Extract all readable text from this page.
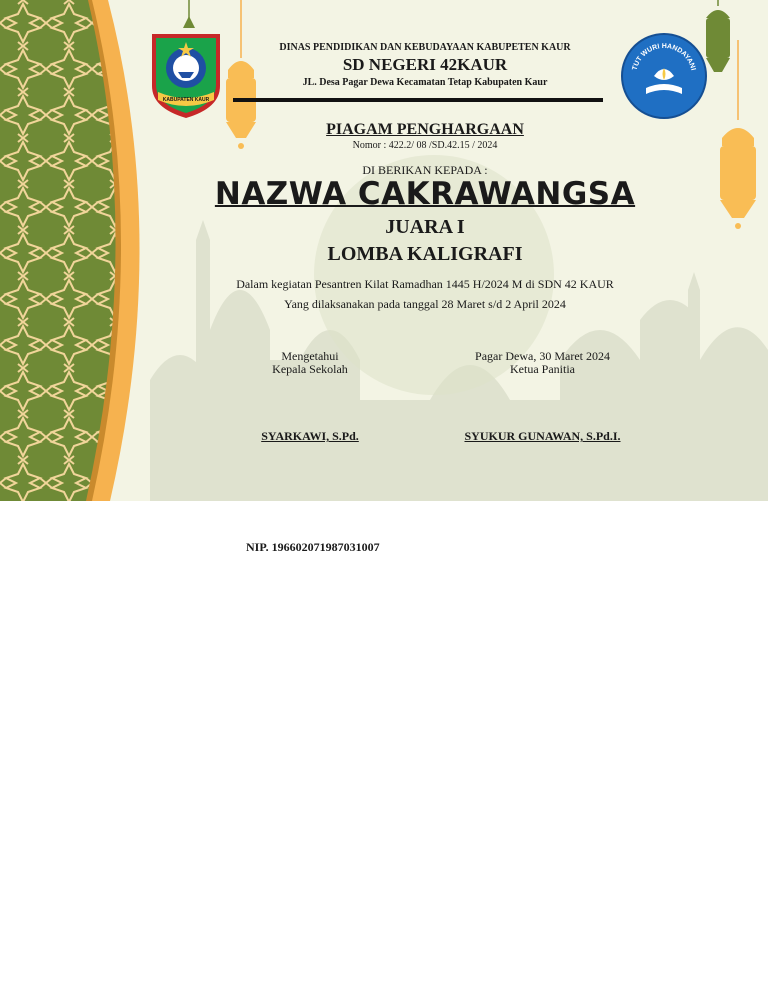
KABUPATEN KAUR
TUT WURI HANDAYANI
DINAS PENDIDIKAN DAN KEBUDAYAAN KABUPETEN KAUR
SD NEGERI 42KAUR
JL. Desa Pagar Dewa Kecamatan Tetap Kabupaten Kaur
PIAGAM PENGHARGAAN
Nomor : 422.2/ 08 /SD.42.15 / 2024
DI BERIKAN KEPADA :
NAZWA CAKRAWANGSA
JUARA I
LOMBA KALIGRAFI
Dalam kegiatan Pesantren Kilat Ramadhan 1445 H/2024 M di SDN 42 KAUR
Yang dilaksanakan pada tanggal 28 Maret s/d 2 April 2024
Mengetahui
Kepala Sekolah
Pagar Dewa, 30 Maret 2024
Ketua Panitia
SYARKAWI, S.Pd.	SYUKUR GUNAWAN, S.Pd.I.
NIP. 196602071987031007
